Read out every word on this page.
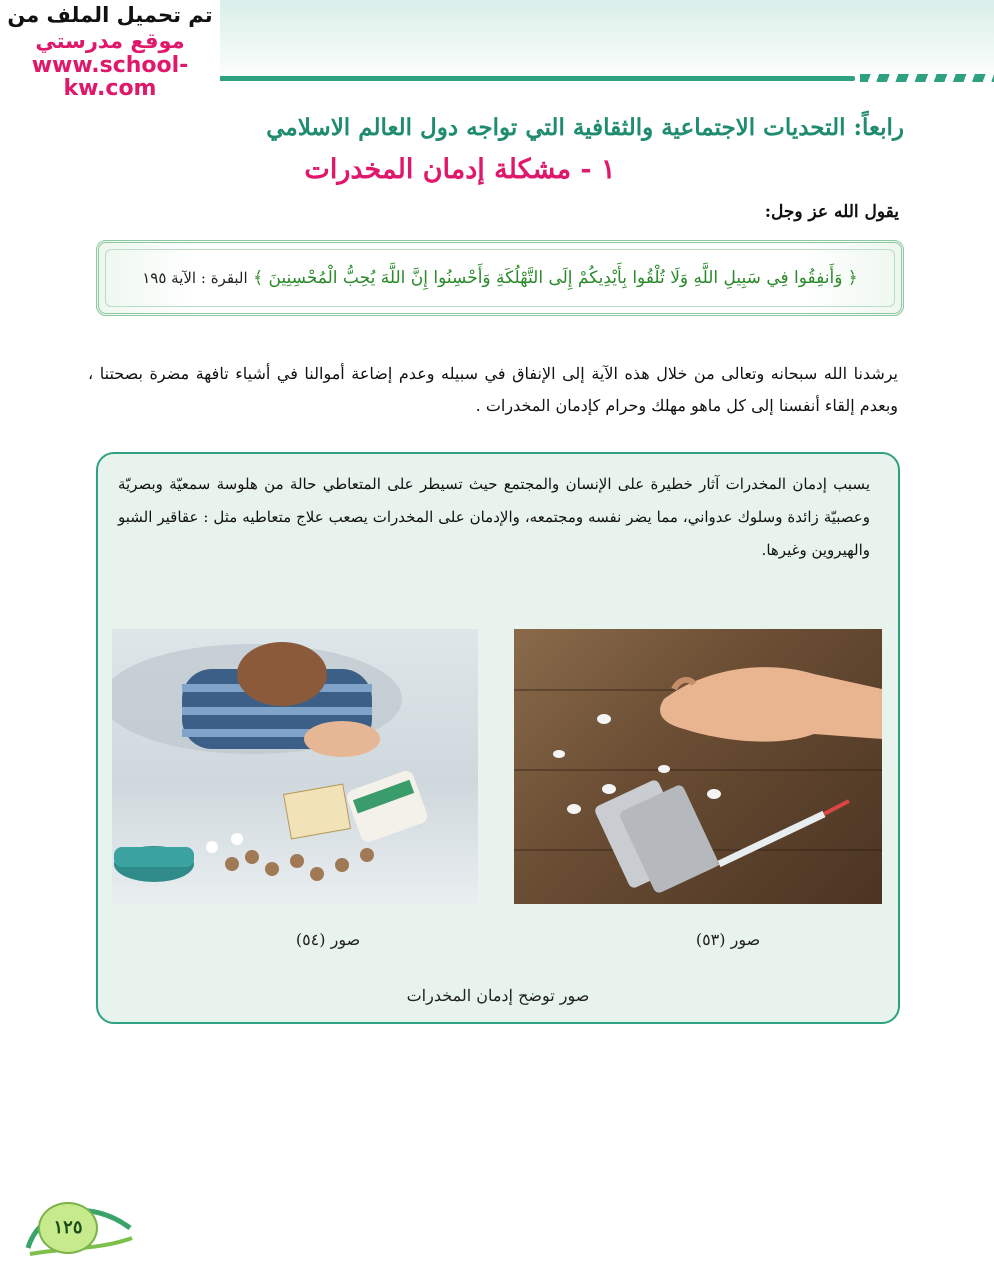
تم تحميل الملف من
موقع مدرستي
www.school-kw.com
رابعاً: التحديات الاجتماعية والثقافية التي تواجه دول العالم الاسلامي
١ - مشكلة إدمان المخدرات
يقول الله عز وجل:
﴿ وَأَنفِقُوا فِي سَبِيلِ اللَّهِ وَلَا تُلْقُوا بِأَيْدِيكُمْ إِلَى التَّهْلُكَةِ وَأَحْسِنُوا إِنَّ اللَّهَ يُحِبُّ الْمُحْسِنِينَ ﴾ البقرة : الآية ١٩٥
يرشدنا الله سبحانه وتعالى من خلال هذه الآية إلى الإنفاق في سبيله وعدم إضاعة أموالنا في أشياء تافهة مضرة بصحتنا ، وبعدم إلقاء أنفسنا إلى كل ماهو مهلك وحرام كإدمان المخدرات .
يسبب إدمان المخدرات آثار خطيرة على الإنسان والمجتمع حيث تسيطر على المتعاطي حالة من هلوسة سمعيّة وبصريّة وعصبيّة زائدة وسلوك عدواني، مما يضر نفسه ومجتمعه، والإدمان على المخدرات يصعب علاج متعاطيه مثل : عقاقير الشبو والهيروين وغيرها.
صور (٥٣)
صور (٥٤)
صور توضح إدمان المخدرات
١٢٥
